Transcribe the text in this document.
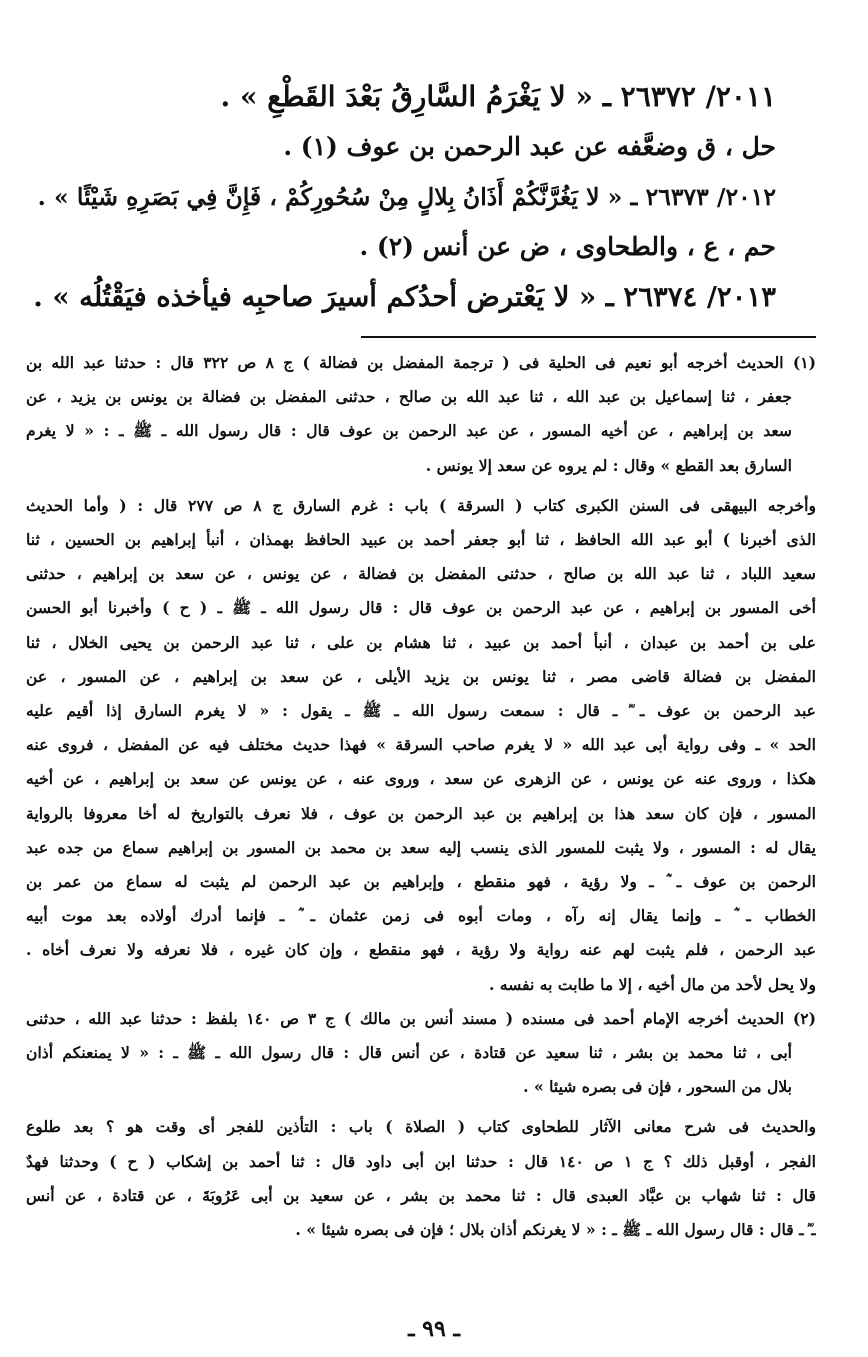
٢٠١١/ ٢٦٣٧٢ ـ « لا يَغْرَمُ السَّارِقُ بَعْدَ القَطْعِ » .

حل ، ق وضعَّفه عن عبد الرحمن بن عوف (١) .

٢٠١٢/ ٢٦٣٧٣ ـ « لا يَغُرَّنَّكُمْ أَذَانُ بِلالٍ مِنْ سُحُورِكُمْ ، فَإِنَّ فِي بَصَرِهِ شَيْئًا » .

حم ، ع ، والطحاوى ، ض عن أنس (٢) .

٢٠١٣/ ٢٦٣٧٤ ـ « لا يَعْترض أحدُكم أسيرَ صاحبِه فيأخذه فيَقْتُلُه » .

(١) الحديث أخرجه أبو نعيم فى الحلية فى ( ترجمة المفضل بن فضالة ) ج ٨ ص ٣٢٢ قال : حدثنا عبد الله بن
جعفر ، ثنا إسماعيل بن عبد الله ، ثنا عبد الله بن صالح ، حدثنى المفضل بن فضالة بن يونس بن يزيد ، عن
سعد بن إبراهيم ، عن أخيه المسور ، عن عبد الرحمن بن عوف قال : قال رسول الله ـ ﷺ ـ : « لا يغرم
السارق بعد القطع » وقال : لم يروه عن سعد إلا يونس .
وأخرجه البيهقى فى السنن الكبرى كتاب ( السرقة ) باب : غرم السارق ج ٨ ص ٢٧٧ قال : ( وأما الحديث
الذى أخبرنا ) أبو عبد الله الحافظ ، ثنا أبو جعفر أحمد بن عبيد الحافظ بهمذان ، أنبأ إبراهيم بن الحسين ، ثنا
سعيد اللباد ، ثنا عبد الله بن صالح ، حدثنى المفضل بن فضالة ، عن يونس ، عن سعد بن إبراهيم ، حدثنى
أخى المسور بن إبراهيم ، عن عبد الرحمن بن عوف قال : قال رسول الله ـ ﷺ ـ ( ح ) وأخبرنا أبو الحسن
على بن أحمد بن عبدان ، أنبأ أحمد بن عبيد ، ثنا هشام بن على ، ثنا عبد الرحمن بن يحيى الخلال ، ثنا
المفضل بن فضالة قاضى مصر ، ثنا يونس بن يزيد الأيلى ، عن سعد بن إبراهيم ، عن المسور ، عن
عبد الرحمن بن عوف ـ ؓ ـ قال : سمعت رسول الله ـ ﷺ ـ يقول : « لا يغرم السارق إذا أقيم عليه
الحد » ـ وفى رواية أبى عبد الله « لا يغرم صاحب السرقة » فهذا حديث مختلف فيه عن المفضل ، فروى عنه
هكذا ، وروى عنه عن يونس ، عن الزهرى عن سعد ، وروى عنه ، عن يونس عن سعد بن إبراهيم ، عن أخيه
المسور ، فإن كان سعد هذا بن إبراهيم بن عبد الرحمن بن عوف ، فلا نعرف بالتواريخ له أخا معروفا بالرواية
يقال له : المسور ، ولا يثبت للمسور الذى ينسب إليه سعد بن محمد بن المسور بن إبراهيم سماع من جده عبد
الرحمن بن عوف ـ ؓ ـ ولا رؤية ، فهو منقطع ، وإبراهيم بن عبد الرحمن لم يثبت له سماع من عمر بن
الخطاب ـ ؓ ـ وإنما يقال إنه رآه ، ومات أبوه فى زمن عثمان ـ ؓ ـ فإنما أدرك أولاده بعد موت أبيه
عبد الرحمن ، فلم يثبت لهم عنه رواية ولا رؤية ، فهو منقطع ، وإن كان غيره ، فلا نعرفه ولا نعرف أخاه .
ولا يحل لأحد من مال أخيه ، إلا ما طابت به نفسه .
(٢) الحديث أخرجه الإمام أحمد فى مسنده ( مسند أنس بن مالك ) ج ٣ ص ١٤٠ بلفظ : حدثنا عبد الله ، حدثنى
أبى ، ثنا محمد بن بشر ، ثنا سعيد عن قتادة ، عن أنس قال : قال رسول الله ـ ﷺ ـ : « لا يمنعنكم أذان
بلال من السحور ، فإن فى بصره شيئا » .
والحديث فى شرح معانى الآثار للطحاوى كتاب ( الصلاة ) باب : التأذين للفجر أى وقت هو ؟ بعد طلوع
الفجر ، أوقبل ذلك ؟ ج ١ ص ١٤٠ قال : حدثنا ابن أبى داود قال : ثنا أحمد بن إشكاب ( ح ) وحدثنا فهدٌ
قال : ثنا شهاب بن عبَّاد العبدى قال : ثنا محمد بن بشر ، عن سعيد بن أبى عَرُوبَةَ ، عن قتادة ، عن أنس
ـ ؓ ـ قال : قال رسول الله ـ ﷺ ـ : « لا يغرنكم أذان بلال ؛ فإن فى بصره شيئا » .
ـ ٩٩ ـ
